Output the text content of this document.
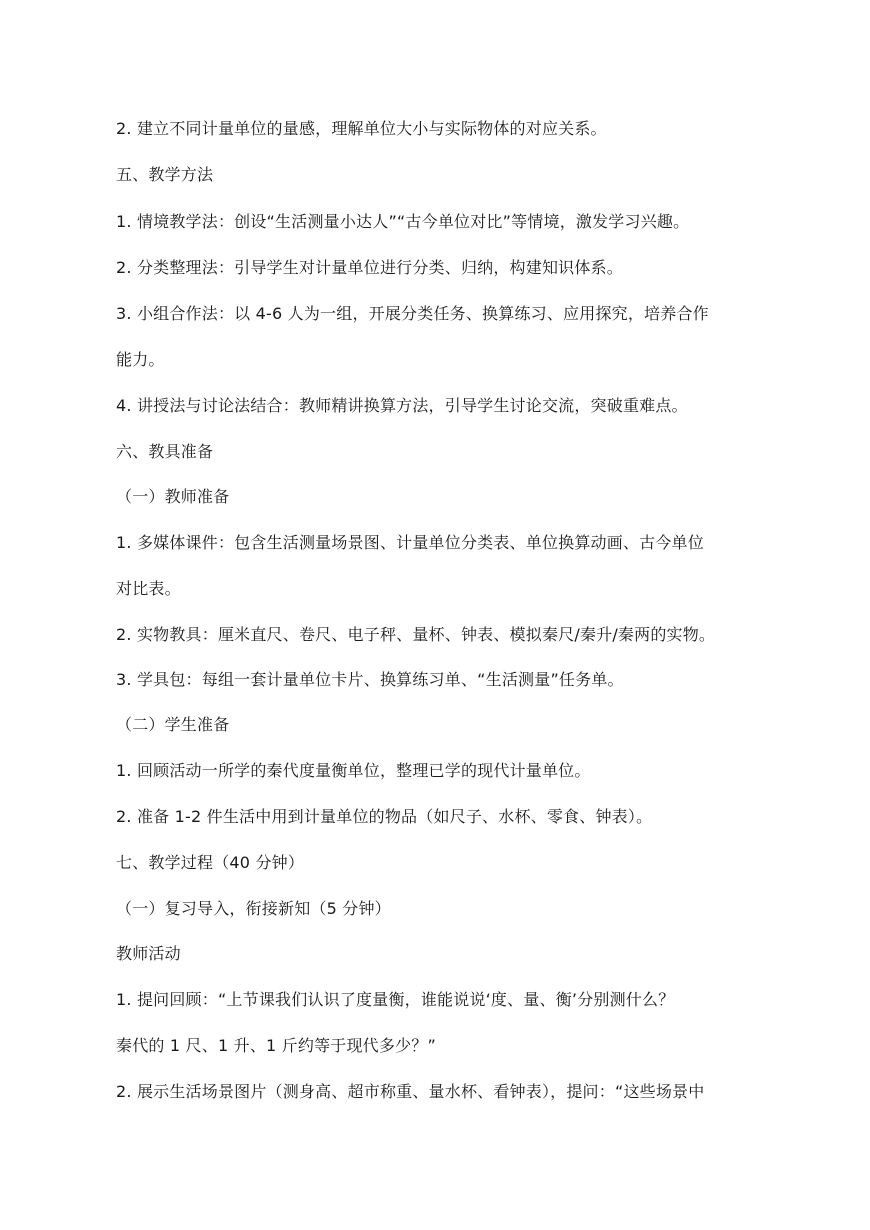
2. 建立不同计量单位的量感，理解单位大小与实际物体的对应关系。
五、教学方法
1. 情境教学法：创设“生活测量小达人”“古今单位对比”等情境，激发学习兴趣。
2. 分类整理法：引导学生对计量单位进行分类、归纳，构建知识体系。
3. 小组合作法：以 4-6 人为一组，开展分类任务、换算练习、应用探究，培养合作
能力。
4. 讲授法与讨论法结合：教师精讲换算方法，引导学生讨论交流，突破重难点。
六、教具准备
（一）教师准备
1. 多媒体课件：包含生活测量场景图、计量单位分类表、单位换算动画、古今单位
对比表。
2. 实物教具：厘米直尺、卷尺、电子秤、量杯、钟表、模拟秦尺/秦升/秦两的实物。
3. 学具包：每组一套计量单位卡片、换算练习单、“生活测量”任务单。
（二）学生准备
1. 回顾活动一所学的秦代度量衡单位，整理已学的现代计量单位。
2. 准备 1-2 件生活中用到计量单位的物品（如尺子、水杯、零食、钟表）。
七、教学过程（40 分钟）
（一）复习导入，衔接新知（5 分钟）
教师活动
1. 提问回顾：“上节课我们认识了度量衡，谁能说说‘度、量、衡’分别测什么？
秦代的 1 尺、1 升、1 斤约等于现代多少？”
2. 展示生活场景图片（测身高、超市称重、量水杯、看钟表），提问：“这些场景中
